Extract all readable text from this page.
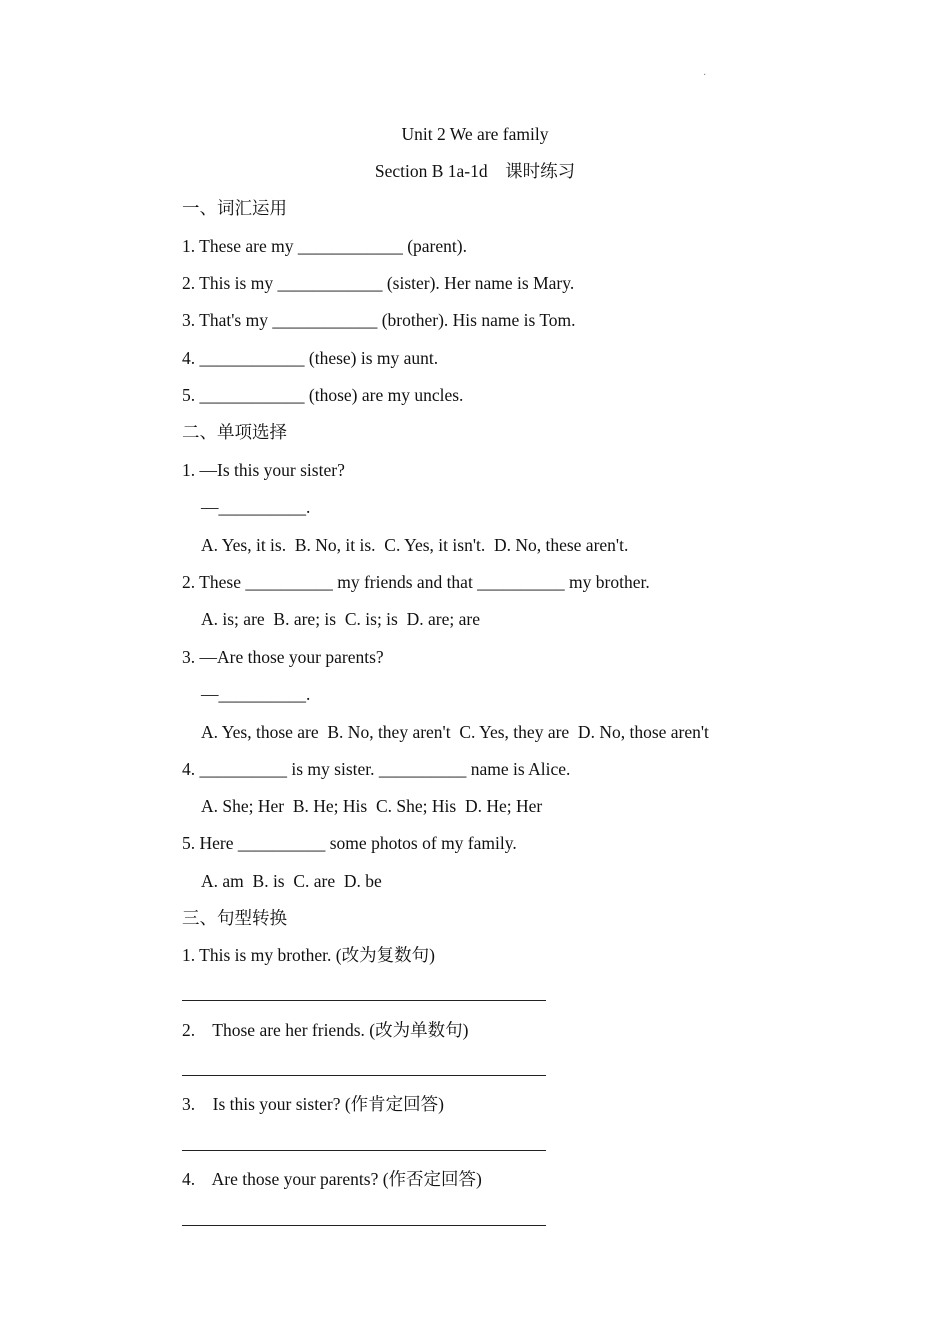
·
Unit 2 We are family
Section B 1a-1d    课时练习
一、词汇运用
1. These are my ____________ (parent).
2. This is my ____________ (sister). Her name is Mary.
3. That's my ____________ (brother). His name is Tom.
4. ____________ (these) is my aunt.
5. ____________ (those) are my uncles.
二、单项选择
1. —Is this your sister?
—__________.
A. Yes, it is.  B. No, it is.  C. Yes, it isn't.  D. No, these aren't.
2. These __________ my friends and that __________ my brother.
A. is; are  B. are; is  C. is; is  D. are; are
3. —Are those your parents?
—__________.
A. Yes, those are  B. No, they aren't  C. Yes, they are  D. No, those aren't
4. __________ is my sister. __________ name is Alice.
A. She; Her  B. He; His  C. She; His  D. He; Her
5. Here __________ some photos of my family.
A. am  B. is  C. are  D. be
三、句型转换
1. This is my brother. (改为复数句)
2.    Those are her friends. (改为单数句)
3.    Is this your sister? (作肯定回答)
4.    Are those your parents? (作否定回答)
